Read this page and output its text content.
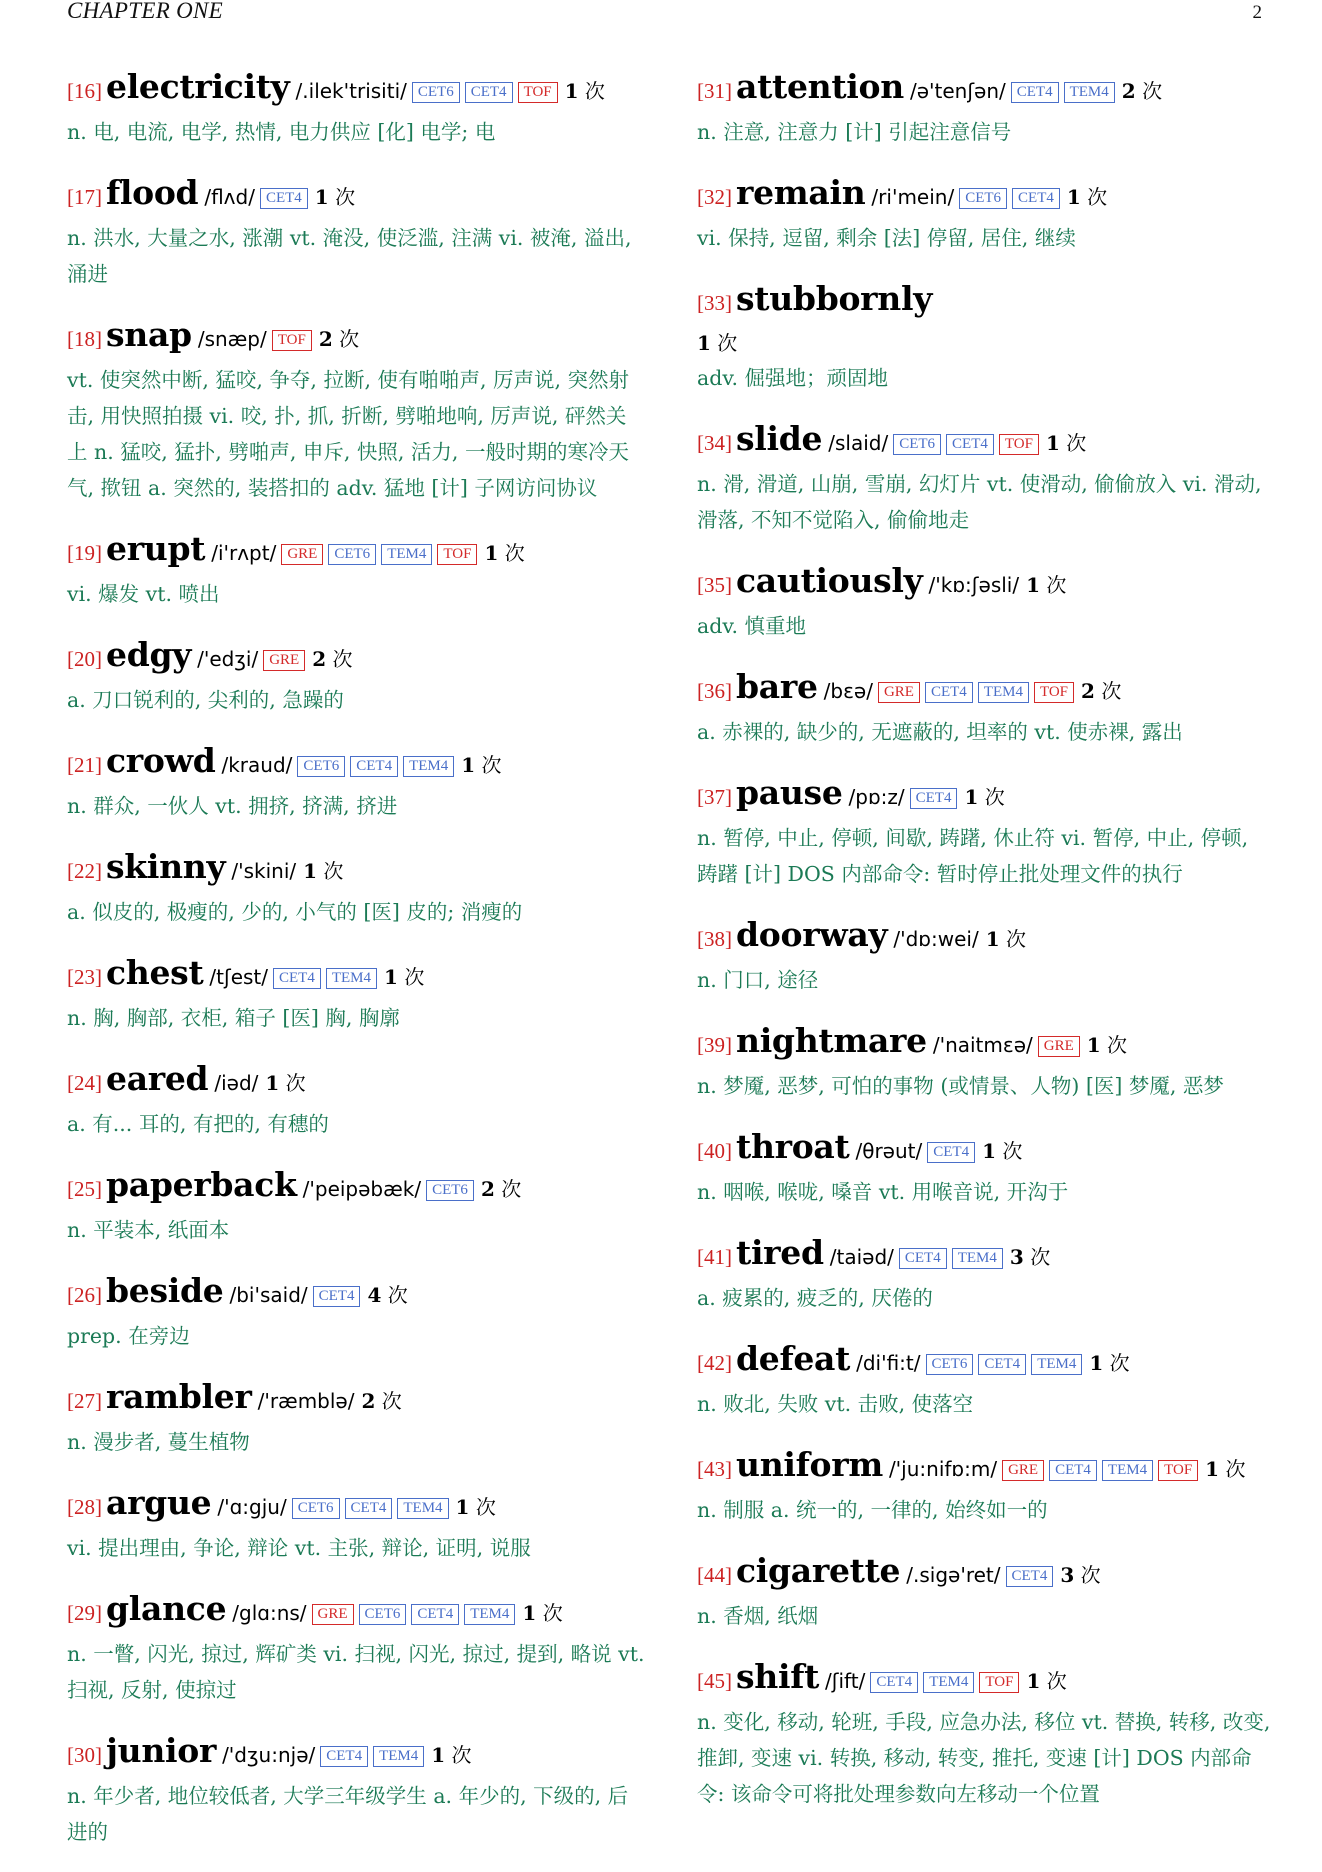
CHAPTER ONE	2
[16] electricity /.ilek'trisiti/ CET6 CET4 TOF 1 次
n. 电, 电流, 电学, 热情, 电力供应 [化] 电学; 电
[17] flood /flʌd/ CET4 1 次
n. 洪水, 大量之水, 涨潮 vt. 淹没, 使泛滥, 注满 vi. 被淹, 溢出, 涌进
[18] snap /snæp/ TOF 2 次
vt. 使突然中断, 猛咬, 争夺, 拉断, 使有啪啪声, 厉声说, 突然射击, 用快照拍摄 vi. 咬, 扑, 抓, 折断, 劈啪地响, 厉声说, 砰然关上 n. 猛咬, 猛扑, 劈啪声, 申斥, 快照, 活力, 一般时期的寒冷天气, 揿钮 a. 突然的, 装搭扣的 adv. 猛地 [计] 子网访问协议
[19] erupt /i'rʌpt/ GRE CET6 TEM4 TOF 1 次
vi. 爆发 vt. 喷出
[20] edgy /'edʒi/ GRE 2 次
a. 刀口锐利的, 尖利的, 急躁的
[21] crowd /kraud/ CET6 CET4 TEM4 1 次
n. 群众, 一伙人 vt. 拥挤, 挤满, 挤进
[22] skinny /'skini/ 1 次
a. 似皮的, 极瘦的, 少的, 小气的 [医] 皮的; 消瘦的
[23] chest /tʃest/ CET4 TEM4 1 次
n. 胸, 胸部, 衣柜, 箱子 [医] 胸, 胸廓
[24] eared /iəd/ 1 次
a. 有... 耳的, 有把的, 有穗的
[25] paperback /'peipəbæk/ CET6 2 次
n. 平装本, 纸面本
[26] beside /bi'said/ CET4 4 次
prep. 在旁边
[27] rambler /'ræmblə/ 2 次
n. 漫步者, 蔓生植物
[28] argue /'ɑ:gju/ CET6 CET4 TEM4 1 次
vi. 提出理由, 争论, 辩论 vt. 主张, 辩论, 证明, 说服
[29] glance /glɑ:ns/ GRE CET6 CET4 TEM4 1 次
n. 一瞥, 闪光, 掠过, 辉矿类 vi. 扫视, 闪光, 掠过, 提到, 略说 vt. 扫视, 反射, 使掠过
[30] junior /'dʒu:njə/ CET4 TEM4 1 次
n. 年少者, 地位较低者, 大学三年级学生 a. 年少的, 下级的, 后进的
[31] attention /ə'tenʃən/ CET4 TEM4 2 次
n. 注意, 注意力 [计] 引起注意信号
[32] remain /ri'mein/ CET6 CET4 1 次
vi. 保持, 逗留, 剩余 [法] 停留, 居住, 继续
[33] stubbornly
1 次
adv. 倔强地；顽固地
[34] slide /slaid/ CET6 CET4 TOF 1 次
n. 滑, 滑道, 山崩, 雪崩, 幻灯片 vt. 使滑动, 偷偷放入 vi. 滑动, 滑落, 不知不觉陷入, 偷偷地走
[35] cautiously /'kɒ:ʃəsli/ 1 次
adv. 慎重地
[36] bare /bɛə/ GRE CET4 TEM4 TOF 2 次
a. 赤裸的, 缺少的, 无遮蔽的, 坦率的 vt. 使赤裸, 露出
[37] pause /pɒ:z/ CET4 1 次
n. 暂停, 中止, 停顿, 间歇, 踌躇, 休止符 vi. 暂停, 中止, 停顿, 踌躇 [计] DOS 内部命令: 暂时停止批处理文件的执行
[38] doorway /'dɒ:wei/ 1 次
n. 门口, 途径
[39] nightmare /'naitmɛə/ GRE 1 次
n. 梦魇, 恶梦, 可怕的事物 (或情景、人物) [医] 梦魇, 恶梦
[40] throat /θrəut/ CET4 1 次
n. 咽喉, 喉咙, 嗓音 vt. 用喉音说, 开沟于
[41] tired /taiəd/ CET4 TEM4 3 次
a. 疲累的, 疲乏的, 厌倦的
[42] defeat /di'fi:t/ CET6 CET4 TEM4 1 次
n. 败北, 失败 vt. 击败, 使落空
[43] uniform /'ju:nifɒ:m/ GRE CET4 TEM4 TOF 1 次
n. 制服 a. 统一的, 一律的, 始终如一的
[44] cigarette /.sigə'ret/ CET4 3 次
n. 香烟, 纸烟
[45] shift /ʃift/ CET4 TEM4 TOF 1 次
n. 变化, 移动, 轮班, 手段, 应急办法, 移位 vt. 替换, 转移, 改变, 推卸, 变速 vi. 转换, 移动, 转变, 推托, 变速 [计] DOS 内部命令: 该命令可将批处理参数向左移动一个位置
